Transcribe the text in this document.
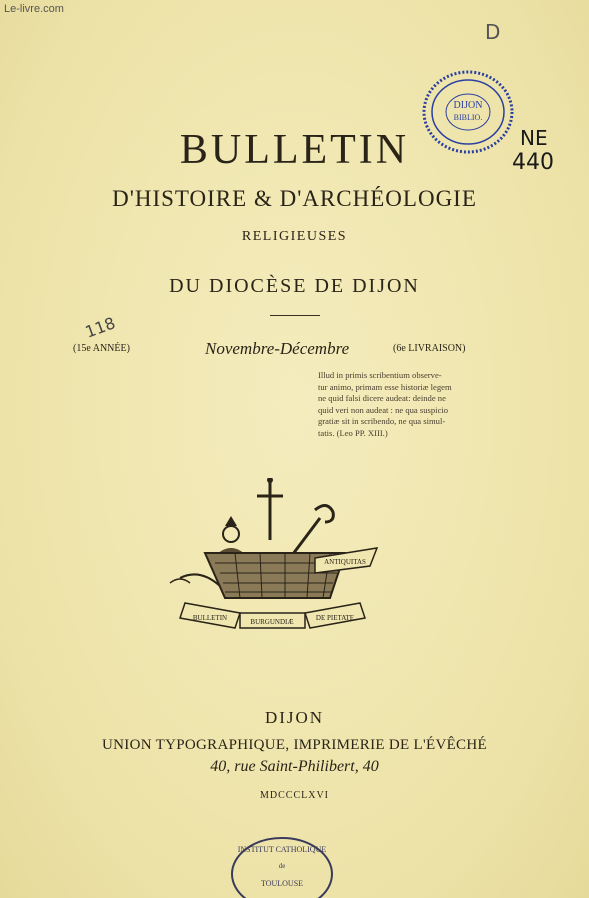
Le-livre.com
D
DIJON
BIBLIO.
NE
440
BULLETIN
D'HISTOIRE & D'ARCHÉOLOGIE
RELIGIEUSES
DU DIOCÈSE DE DIJON
118
(15e ANNÉE)	Novembre-Décembre	(6e LIVRAISON)
Illud in primis scribentium observe-
tur animo, primam esse historiæ legem
ne quid falsi dicere audeat: deinde ne
quid veri non audeat : ne qua suspicio
gratiæ sit in scribendo, ne qua simul-
tatis. (Leo PP. XIII.)
ANTIQUITAS
BULLETIN	BURGUNDIÆ	DE PIETATE
DIJON
UNION TYPOGRAPHIQUE, IMPRIMERIE DE L'ÉVÊCHÉ
40, rue Saint-Philibert, 40
MDCCCLXVI
INSTITUT CATHOLIQUE
de
TOULOUSE
